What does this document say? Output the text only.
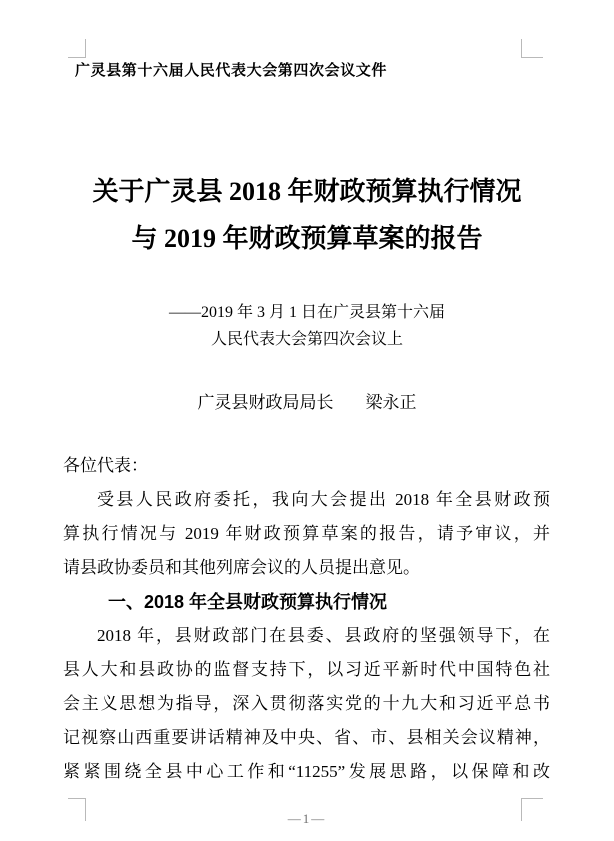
广灵县第十六届人民代表大会第四次会议文件
关于广灵县 2018 年财政预算执行情况
与 2019 年财政预算草案的报告
——2019 年 3 月 1 日在广灵县第十六届
人民代表大会第四次会议上
广灵县财政局局长 梁永正
各位代表：
受县人民政府委托，我向大会提出 2018 年全县财政预
算执行情况与 2019 年财政预算草案的报告，请予审议，并
请县政协委员和其他列席会议的人员提出意见。
一、2018 年全县财政预算执行情况
2018 年，县财政部门在县委、县政府的坚强领导下，在
县人大和县政协的监督支持下，以习近平新时代中国特色社
会主义思想为指导，深入贯彻落实党的十九大和习近平总书
记视察山西重要讲话精神及中央、省、市、县相关会议精神，
紧紧围绕全县中心工作和“11255”发展思路，以保障和改
—1—
